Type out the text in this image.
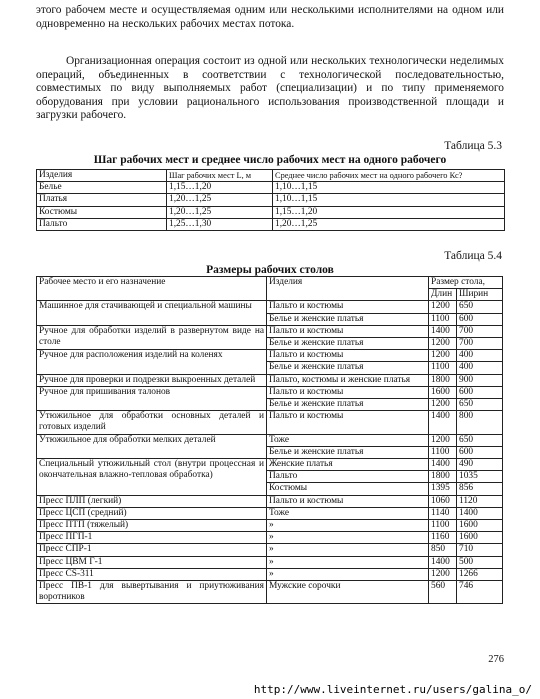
этого рабочем месте и осуществляемая одним или несколькими исполнителями на одном или одновременно на нескольких рабочих местах потока.

Организационная операция состоит из одной или нескольких технологически неделимых операций, объединенных в соответствии с технологической последовательностью, совместимых по виду выполняемых работ (специализации) и по типу применяемого оборудования при условии рационального использования производственной площади и загрузки рабочего.

Таблица 5.3
Шаг рабочих мест и среднее число рабочих мест на одного рабочего
Изделия	Шаг рабочих мест L, м	Среднее число рабочих мест на одного рабочего Кс?
Белье	1,15…1,20	1,10…1,15
Платья	1,20…1,25	1,10…1,15
Костюмы	1,20…1,25	1,15…1,20
Пальто	1,25…1,30	1,20…1,25
Таблица 5.4
Размеры рабочих столов
Рабочее место и его назначение	Изделия	Размер стола,	
		Длин	Ширин
Машинное для стачивающей и специальной машины	Пальто и костюмы	1200	650
	Белье и женские платья	1100	600
Ручное для обработки изделий в развернутом виде на столе	Пальто и костюмы	1400	700
	Белье и женские платья	1200	700
Ручное для расположения изделий на коленях	Пальто и костюмы	1200	400
	Белье и женские платья	1100	400
Ручное для проверки и подрезки выкроенных деталей	Пальто, костюмы и женские платья	1800	900
Ручное для пришивания талонов	Пальто и костюмы	1600	600
	Белье и женские платья	1200	650
Утюжильное для обработки основных деталей и готовых изделий	Пальто и костюмы	1400	800
Утюжильное для обработки мелких деталей	Тоже	1200	650
	Белье и женские платья	1100	600
Специальный утюжильный стол (внутри процессная и окончательная влажно-тепловая обработка)	Женские платья	1400	490
	Пальто	1800	1035
	Костюмы	1395	856
Пресс ПЛП (легкий)	Пальто и костюмы	1060	1120
Пресс ЦСП (средний)	Тоже	1140	1400
Пресс ПТП (тяжелый)	»	1100	1600
Пресс ПГП-1	»	1160	1600
Пресс СПР-1	»	850	710
Пресс ЦВМ Г-1	»	1400	500
Пресс CS-311	»	1200	1266
Пресс ПВ-1 для вывертывания и приутюживания воротников	Мужские сорочки	560	746
276
http://www.liveinternet.ru/users/galina_o/
